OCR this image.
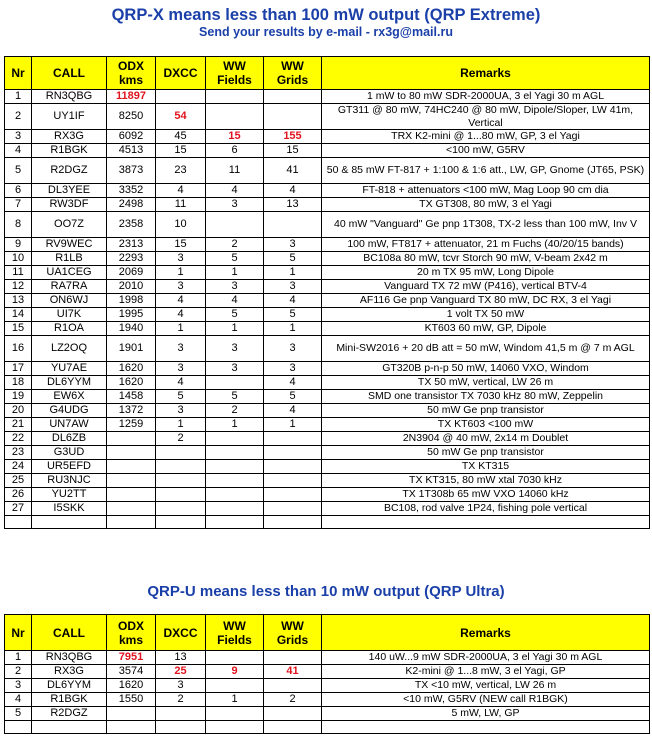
QRP-X means less than 100 mW output (QRP Extreme)
Send your results by e-mail - rx3g@mail.ru
Nr	CALL	ODX kms	DXCC	WW Fields	WW Grids	Remarks
1	RN3QBG	11897				1 mW to 80 mW SDR-2000UA, 3 el Yagi 30 m AGL
2	UY1IF	8250	54			GT311 @ 80 mW, 74HC240 @ 80 mW, Dipole/Sloper, LW 41m, Vertical
3	RX3G	6092	45	15	155	TRX K2-mini @ 1...80 mW, GP, 3 el Yagi
4	R1BGK	4513	15	6	15	<100 mW, G5RV
5	R2DGZ	3873	23	11	41	50 & 85 mW FT-817 + 1:100 & 1:6 att., LW, GP, Gnome (JT65, PSK)
6	DL3YEE	3352	4	4	4	FT-818 + attenuators <100 mW, Mag Loop 90 cm dia
7	RW3DF	2498	11	3	13	TX GT308, 80 mW, 3 el Yagi
8	OO7Z	2358	10			40 mW "Vanguard" Ge pnp 1T308, TX-2 less than 100 mW, Inv V
9	RV9WEC	2313	15	2	3	100 mW, FT817 + attenuator, 21 m Fuchs (40/20/15 bands)
10	R1LB	2293	3	5	5	BC108a 80 mW, tcvr Storch 90 mW, V-beam 2x42 m
11	UA1CEG	2069	1	1	1	20 m TX 95 mW, Long Dipole
12	RA7RA	2010	3	3	3	Vanguard TX 72 mW (P416), vertical BTV-4
13	ON6WJ	1998	4	4	4	AF116 Ge pnp Vanguard TX 80 mW, DC RX, 3 el Yagi
14	UI7K	1995	4	5	5	1 volt TX 50 mW
15	R1OA	1940	1	1	1	KT603 60 mW, GP, Dipole
16	LZ2OQ	1901	3	3	3	Mini-SW2016 + 20 dB att = 50 mW, Windom 41,5 m @ 7 m AGL
17	YU7AE	1620	3	3	3	GT320B p-n-p 50 mW, 14060 VXO, Windom
18	DL6YYM	1620	4		4	TX 50 mW, vertical, LW 26 m
19	EW6X	1458	5	5	5	SMD one transistor TX 7030 kHz 80 mW, Zeppelin
20	G4UDG	1372	3	2	4	50 mW Ge pnp transistor
21	UN7AW	1259	1	1	1	TX KT603 <100 mW
22	DL6ZB		2			2N3904 @ 40 mW, 2x14 m Doublet
23	G3UD					50 mW Ge pnp transistor
24	UR5EFD					TX KT315
25	RU3NJC					TX KT315, 80 mW xtal 7030 kHz
26	YU2TT					TX 1T308b 65 mW VXO 14060 kHz
27	I5SKK					BC108, rod valve 1P24, fishing pole vertical

QRP-U means less than 10 mW output (QRP Ultra)
Nr	CALL	ODX kms	DXCC	WW Fields	WW Grids	Remarks
1	RN3QBG	7951	13			140 uW...9 mW SDR-2000UA, 3 el Yagi 30 m AGL
2	RX3G	3574	25	9	41	K2-mini @ 1...8 mW, 3 el Yagi, GP
3	DL6YYM	1620	3			TX <10 mW, vertical, LW 26 m
4	R1BGK	1550	2	1	2	<10 mW, G5RV (NEW call R1BGK)
5	R2DGZ					5 mW, LW, GP
